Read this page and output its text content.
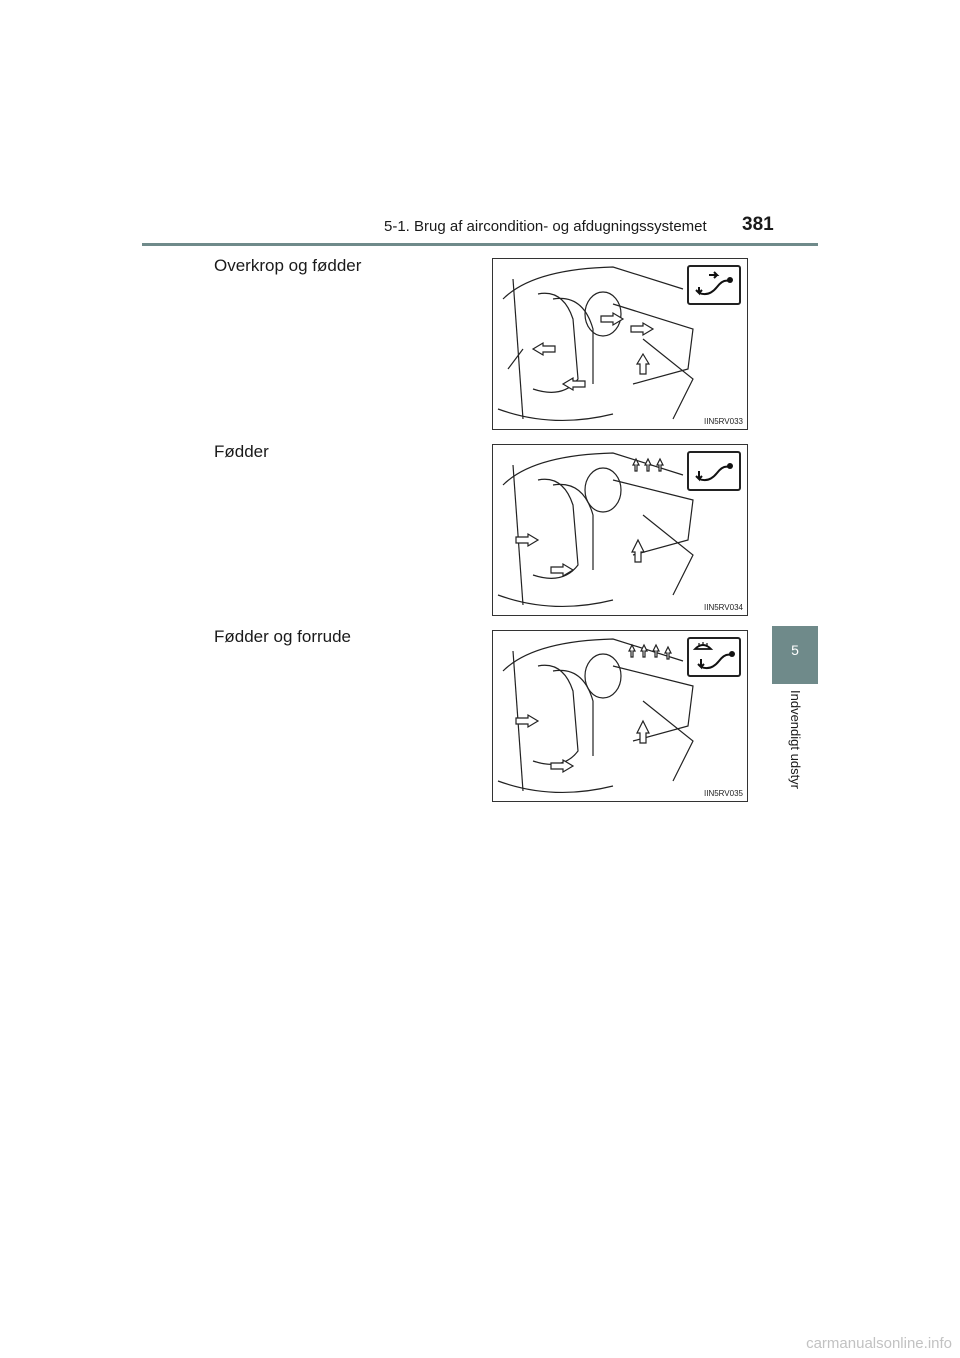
5-1. Brug af aircondition- og afdugningssystemet 381
5
Indvendigt udstyr
Overkrop og fødder
IIN5RV033
Fødder
IIN5RV034
Fødder og forrude
IIN5RV035
carmanualsonline.info
